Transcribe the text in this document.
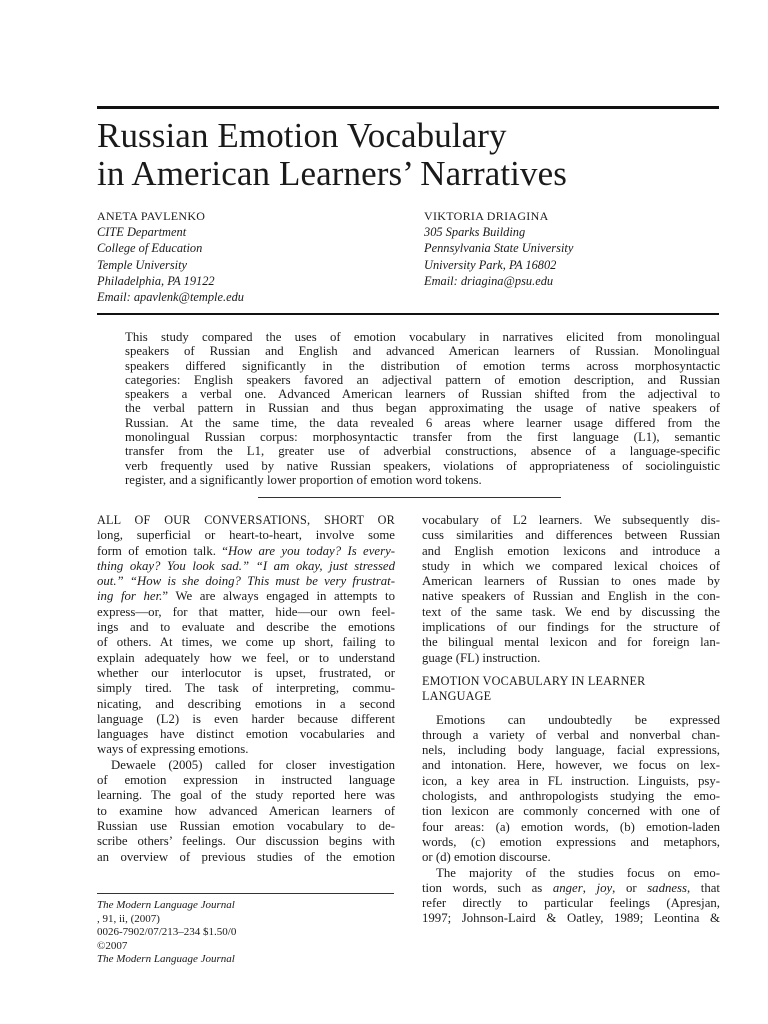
Russian Emotion Vocabulary
in American Learners’ Narratives
ANETA PAVLENKO
CITE Department
College of Education
Temple University
Philadelphia, PA 19122
Email: apavlenk@temple.edu
VIKTORIA DRIAGINA
305 Sparks Building
Pennsylvania State University
University Park, PA 16802
Email: driagina@psu.edu
This study compared the uses of emotion vocabulary in narratives elicited from monolingual
speakers of Russian and English and advanced American learners of Russian. Monolingual
speakers differed significantly in the distribution of emotion terms across morphosyntactic
categories: English speakers favored an adjectival pattern of emotion description, and Russian
speakers a verbal one. Advanced American learners of Russian shifted from the adjectival to
the verbal pattern in Russian and thus began approximating the usage of native speakers of
Russian. At the same time, the data revealed 6 areas where learner usage differed from the
monolingual Russian corpus: morphosyntactic transfer from the first language (L1), semantic
transfer from the L1, greater use of adverbial constructions, absence of a language-specific
verb frequently used by native Russian speakers, violations of appropriateness of sociolinguistic
register, and a significantly lower proportion of emotion word tokens.
ALL OF OUR CONVERSATIONS, SHORT OR
long, superficial or heart-to-heart, involve some
form of emotion talk. “How are you today? Is every-
thing okay? You look sad.” “I am okay, just stressed
out.” “How is she doing? This must be very frustrat-
ing for her.” We are always engaged in attempts to
express—or, for that matter, hide—our own feel-
ings and to evaluate and describe the emotions
of others. At times, we come up short, failing to
explain adequately how we feel, or to understand
whether our interlocutor is upset, frustrated, or
simply tired. The task of interpreting, commu-
nicating, and describing emotions in a second
language (L2) is even harder because different
languages have distinct emotion vocabularies and
ways of expressing emotions.
Dewaele (2005) called for closer investigation
of emotion expression in instructed language
learning. The goal of the study reported here was
to examine how advanced American learners of
Russian use Russian emotion vocabulary to de-
scribe others’ feelings. Our discussion begins with
an overview of previous studies of the emotion
vocabulary of L2 learners. We subsequently dis-
cuss similarities and differences between Russian
and English emotion lexicons and introduce a
study in which we compared lexical choices of
American learners of Russian to ones made by
native speakers of Russian and English in the con-
text of the same task. We end by discussing the
implications of our findings for the structure of
the bilingual mental lexicon and for foreign lan-
guage (FL) instruction.
EMOTION VOCABULARY IN LEARNER
LANGUAGE
Emotions can undoubtedly be expressed
through a variety of verbal and nonverbal chan-
nels, including body language, facial expressions,
and intonation. Here, however, we focus on lex-
icon, a key area in FL instruction. Linguists, psy-
chologists, and anthropologists studying the emo-
tion lexicon are commonly concerned with one of
four areas: (a) emotion words, (b) emotion-laden
words, (c) emotion expressions and metaphors,
or (d) emotion discourse.
The majority of the studies focus on emo-
tion words, such as anger, joy, or sadness, that
refer directly to particular feelings (Apresjan,
1997; Johnson-Laird & Oatley, 1989; Leontina &
The Modern Language Journal
, 91, ii, (2007)
0026-7902/07/213–234 $1.50/0
©2007
The Modern Language Journal
